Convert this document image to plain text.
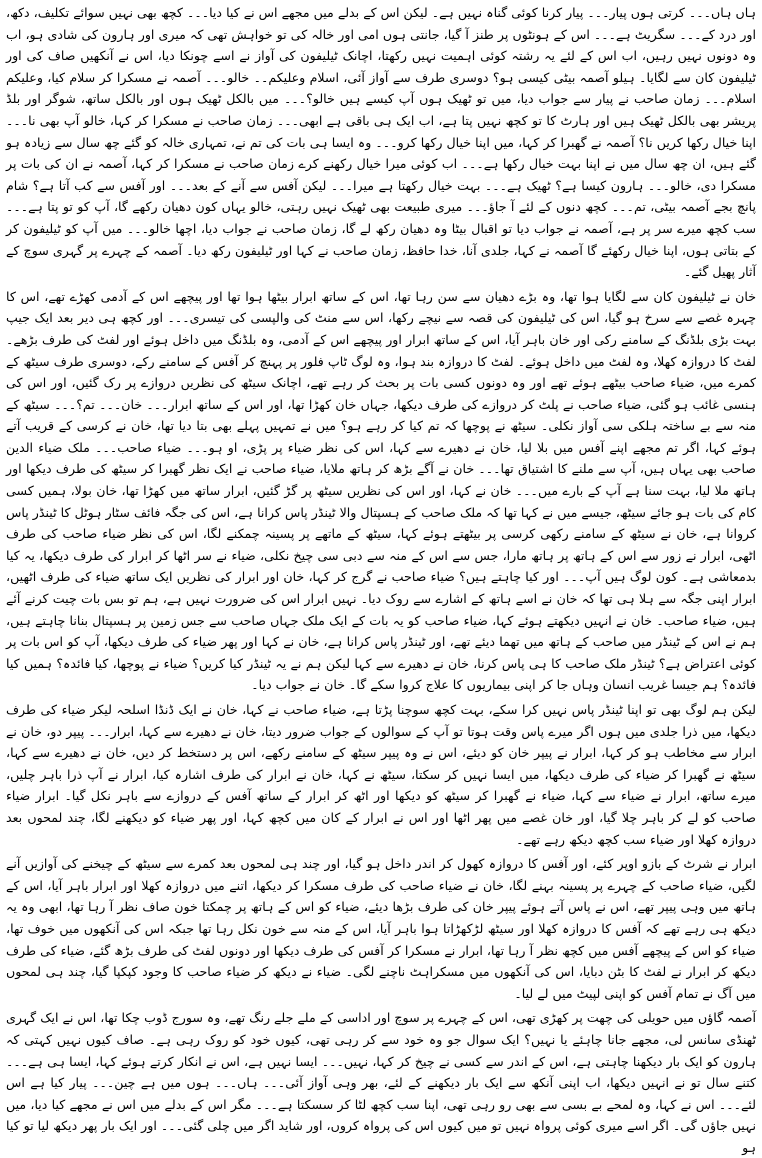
ہاں ہاں۔۔۔ کرتی ہوں پیار۔۔۔ پیار کرنا کوئی گناہ نہیں ہے۔ لیکن اس کے بدلے میں مجھے اس نے کیا دیا۔۔۔ کچھ بھی نہیں سوائے تکلیف، دکھ، اور درد کے۔۔۔ سگریٹ ہے۔۔۔ اس کے ہونٹوں پر طنز آ گیا، جانتی ہوں امی اور خالہ کی تو خواہش تھی کہ میری اور ہارون کی شادی ہو، اب وہ دونوں نہیں رہیں، اب اس کے لئے یہ رشتہ کوئی اہمیت نہیں رکھتا، اچانک ٹیلیفون کی آواز نے اسے چونکا دیا، اس نے آنکھیں صاف کی اور ٹیلیفون کان سے لگایا۔ ہیلو آصمہ بیٹی کیسی ہو؟ دوسری طرف سے آواز آئی، اسلام وعلیکم۔۔ خالو۔۔۔ آصمہ نے مسکرا کر سلام کیا، وعلیکم اسلام۔۔۔ زمان صاحب نے پیار سے جواب دیا، میں تو ٹھیک ہوں آپ کیسے ہیں خالو؟۔۔۔ میں بالکل ٹھیک ہوں اور بالکل ساتھ، شوگر اور بلڈ پریشر بھی بالکل ٹھیک ہیں اور ہارٹ کا تو کچھ نہیں پتا ہے، اب ایک ہی باقی ہے ابھی۔۔۔ زمان صاحب نے مسکرا کر کہا، خالو آپ بھی نا۔۔۔ اپنا خیال رکھا کریں نا؟ آصمہ نے گھبرا کر کہا، میں اپنا خیال رکھا کرو۔۔۔ وہ ایسا ہی بات کی تم نے، تمہاری خالہ کو گئے چھ سال سے زیادہ ہو گئے ہیں، ان چھ سال میں نے اپنا بہت خیال رکھا ہے۔۔۔ اب کوئی میرا خیال رکھنے کرے زمان صاحب نے مسکرا کر کہا، آصمہ نے ان کی بات پر مسکرا دی، خالو۔۔۔ ہارون کیسا ہے؟ ٹھیک ہے۔۔۔ بہت خیال رکھتا ہے میرا۔۔۔ لیکن آفس سے آنے کے بعد۔۔۔ اور آفس سے کب آتا ہے؟ شام پانچ بجے آصمہ بیٹی، تم۔۔۔ کچھ دنوں کے لئے آ جاؤ۔۔۔ میری طبیعت بھی ٹھیک نہیں رہتی، خالو یہاں کون دھیان رکھے گا، آپ کو تو پتا ہے۔۔۔ سب کچھ میرے سر پر ہے، آصمہ نے جواب دیا تو اقبال بیٹا وہ دھیان رکھ لے گا، زمان صاحب نے جواب دیا، اچھا خالو۔۔۔ میں آپ کو ٹیلیفون کر کے بتاتی ہوں، اپنا خیال رکھئے گا آصمہ نے کہا، جلدی آنا، خدا حافظ، زمان صاحب نے کہا اور ٹیلیفون رکھ دیا۔ آصمہ کے چہرے پر گہری سوچ کے آثار پھیل گئے۔

خان نے ٹیلیفون کان سے لگایا ہوا تھا، وہ بڑے دھیان سے سن رہا تھا، اس کے ساتھ ابرار بیٹھا ہوا تھا اور پیچھے اس کے آدمی کھڑے تھے، اس کا چہرہ غصے سے سرخ ہو گیا، اس کی ٹیلیفون کی قصہ سے نیچے رکھا، اس سے منٹ کی والپسی کی تیسری۔۔۔ اور کچھ ہی دیر بعد ایک جیپ بہت بڑی بلڈنگ کے سامنے رکی اور خان باہر آیا، اس کے ساتھ ابرار اور پیچھے اس کے آدمی، وہ بلڈنگ میں داخل ہوئے اور لفٹ کی طرف بڑھے۔ لفٹ کا دروازہ کھلا، وہ لفٹ میں داخل ہوئے۔ لفٹ کا دروازہ بند ہوا، وہ لوگ ٹاپ فلور پر پہنچ کر آفس کے سامنے رکے، دوسری طرف سیٹھ کے کمرے میں، ضیاء صاحب بیٹھے ہوئے تھے اور وہ دونوں کسی بات پر بحث کر رہے تھے، اچانک سیٹھ کی نظریں دروازے پر رک گئیں، اور اس کی ہنسی غائب ہو گئی، ضیاء صاحب نے پلٹ کر دروازے کی طرف دیکھا، جہاں خان کھڑا تھا، اور اس کے ساتھ ابرار۔۔۔ خان۔۔۔ تم؟۔۔۔ سیٹھ کے منہ سے بے ساختہ ہلکی سی آواز نکلی۔ سیٹھ نے پوچھا کہ تم کیا کر رہے ہو؟ میں نے تمہیں پہلے بھی بتا دیا تھا، خان نے کرسی کے قریب آتے ہوئے کہا، اگر تم مجھے اپنے آفس میں بلا لیا، خان نے دھیرے سے کہا، اس کی نظر ضیاء پر پڑی، او ہو۔۔۔ ضیاء صاحب۔۔۔ ملک ضیاء الدین صاحب بھی یہاں ہیں، آپ سے ملنے کا اشتیاق تھا۔۔۔ خان نے آگے بڑھ کر ہاتھ ملایا، ضیاء صاحب نے ایک نظر گھبرا کر سیٹھ کی طرف دیکھا اور ہاتھ ملا لیا، بہت سنا ہے آپ کے بارے میں۔۔۔ خان نے کہا، اور اس کی نظریں سیٹھ پر گڑ گئیں، ابرار ساتھ میں کھڑا تھا، خان بولا، ہمیں کسی کام کی بات ہو جائے سیٹھ، جیسے میں نے کہا تھا کہ ملک صاحب کے ہسپتال والا ٹینڈر پاس کرانا ہے، اس کی جگہ فائف سٹار ہوٹل کا ٹینڈر پاس کروانا ہے، خان نے سیٹھ کے سامنے رکھی کرسی پر بیٹھتے ہوئے کہا، سیٹھ کے ماتھے پر پسینہ چمکنے لگا، اس کی نظر ضیاء صاحب کی طرف اٹھی، ابرار نے زور سے اس کے ہاتھ پر ہاتھ مارا، جس سے اس کے منہ سے دبی سی چیخ نکلی، ضیاء نے سر اٹھا کر ابرار کی طرف دیکھا، یہ کیا بدمعاشی ہے۔ کون لوگ ہیں آپ۔۔۔ اور کیا چاہتے ہیں؟ ضیاء صاحب نے گرج کر کہا، خان اور ابرار کی نظریں ایک ساتھ ضیاء کی طرف اٹھیں، ابرار اپنی جگہ سے ہلا ہی تھا کہ خان نے اسے ہاتھ کے اشارے سے روک دیا۔ نہیں ابرار اس کی ضرورت نہیں ہے، ہم تو بس بات چیت کرنے آئے ہیں، ضیاء صاحب۔ خان نے انہیں دیکھتے ہوئے کہا، ضیاء صاحب کو یہ بات کے ایک ملک جہاں صاحب سے جس زمین پر ہسپتال بنانا چاہتے ہیں، ہم نے اس کے ٹینڈر میں صاحب کے ہاتھ میں تھما دیئے تھے، اور ٹینڈر پاس کرانا ہے، خان نے کہا اور پھر ضیاء کی طرف دیکھا، آپ کو اس بات پر کوئی اعتراض ہے؟ ٹینڈر ملک صاحب کا ہی پاس کرنا، خان نے دھیرے سے کہا لیکن ہم نے یہ ٹینڈر کیا کریں؟ ضیاء نے پوچھا، کیا فائدہ؟ ہمیں کیا فائدہ؟ ہم جیسا غریب انسان وہاں جا کر اپنی بیماریوں کا علاج کروا سکے گا۔ خان نے جواب دیا۔

لیکن ہم لوگ بھی تو اپنا ٹینڈر پاس نہیں کرا سکے، بہت کچھ سوچنا پڑتا ہے، ضیاء صاحب نے کہا، خان نے ایک ڈنڈا اسلحہ لیکر ضیاء کی طرف دیکھا، میں ذرا جلدی میں ہوں اگر میرے پاس وقت ہوتا تو آپ کے سوالوں کے جواب ضرور دیتا، خان نے دھیرے سے کہا، ابرار۔۔۔ پیپر دو، خان نے ابرار سے مخاطب ہو کر کہا، ابرار نے پیپر خان کو دیئے، اس نے وہ پیپر سیٹھ کے سامنے رکھے، اس پر دستخط کر دیں، خان نے دھیرے سے کہا، سیٹھ نے گھبرا کر ضیاء کی طرف دیکھا، میں ایسا نہیں کر سکتا، سیٹھ نے کہا، خان نے ابرار کی طرف اشارہ کیا، ابرار نے آپ ذرا باہر چلیں، میرے ساتھ، ابرار نے ضیاء سے کہا، ضیاء نے گھبرا کر سیٹھ کو دیکھا اور اٹھ کر ابرار کے ساتھ آفس کے دروازے سے باہر نکل گیا۔ ابرار ضیاء صاحب کو لے کر باہر چلا گیا، اور خان غصے میں پھر اٹھا اور اس نے ابرار کے کان میں کچھ کہا، اور پھر ضیاء کو دیکھنے لگا، چند لمحوں بعد دروازہ کھلا اور ضیاء سب کچھ دیکھ رہے تھے۔

ابرار نے شرٹ کے بازو اوپر کئے، اور آفس کا دروازہ کھول کر اندر داخل ہو گیا، اور چند ہی لمحوں بعد کمرے سے سیٹھ کے چیخنے کی آوازیں آنے لگیں، ضیاء صاحب کے چہرے پر پسینہ بہنے لگا، خان نے ضیاء صاحب کی طرف مسکرا کر دیکھا، اتنے میں دروازہ کھلا اور ابرار باہر آیا، اس کے ہاتھ میں وہی پیپر تھے، اس نے پاس آتے ہوئے پیپر خان کی طرف بڑھا دیئے، ضیاء کو اس کے ہاتھ پر چمکتا خون صاف نظر آ رہا تھا، ابھی وہ یہ دیکھ ہی رہے تھے کہ آفس کا دروازہ کھلا اور سیٹھ لڑکھڑاتا ہوا باہر آیا، اس کے منہ سے خون نکل رہا تھا جبکہ اس کی آنکھوں میں خوف تھا، ضیاء کو اس کے پیچھے آفس میں کچھ نظر آ رہا تھا، ابرار نے مسکرا کر آفس کی طرف دیکھا اور دونوں لفٹ کی طرف بڑھ گئے، ضیاء کی طرف دیکھ کر ابرار نے لفٹ کا بٹن دبایا، اس کی آنکھوں میں مسکراہٹ ناچنے لگی۔ ضیاء نے دیکھ کر ضیاء صاحب کا وجود کپکپا گیا، چند ہی لمحوں میں آگ نے تمام آفس کو اپنی لپیٹ میں لے لیا۔

آصمہ گاؤں میں حویلی کی چھت پر کھڑی تھی، اس کے چہرے پر سوچ اور اداسی کے ملے جلے رنگ تھے، وہ سورج ڈوب چکا تھا، اس نے ایک گہری ٹھنڈی سانس لی، مجھے جانا چاہئے یا نہیں؟ ایک سوال جو وہ خود سے کر رہی تھی، کیوں خود کو روک رہی ہے۔ صاف کیوں نہیں کہتی کہ ہارون کو ایک بار دیکھنا چاہتی ہے، اس کے اندر سے کسی نے چیخ کر کہا، نہیں۔۔۔ ایسا نہیں ہے، اس نے انکار کرتے ہوئے کہا، ایسا ہی ہے۔۔۔ کتنے سال تو نے انہیں دیکھا، اب اپنی آنکھ سے ایک بار دیکھنے کے لئے، بھر وہی آواز آئی۔۔۔ ہاں۔۔۔ ہوں میں ہے چین۔۔۔ پیار کیا ہے اس لئے۔۔۔ اس نے کہا، وہ لمحے بے بسی سے بھی رو رہی تھی، اپنا سب کچھ لٹا کر سسکتا ہے۔۔۔ مگر اس کے بدلے میں اس نے مجھے کیا دیا، میں نہیں جاؤں گی۔ اگر اسے میری کوئی پرواہ نہیں تو میں کیوں اس کی پرواہ کروں، اور شاید اگر میں چلی گئی۔۔۔ اور ایک بار پھر دیکھ لیا تو کیا ہو
